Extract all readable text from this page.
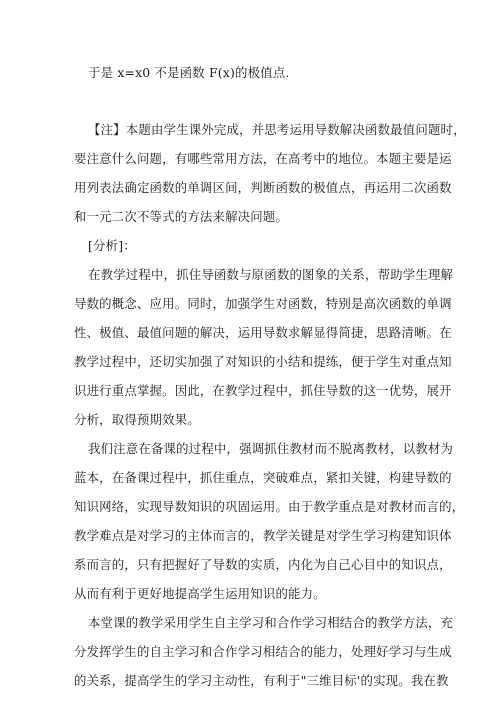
于是 x=x0 不是函数 F(x)的极值点.
【注】本题由学生课外完成，并思考运用导数解决函数最值问题时，
要注意什么问题，有哪些常用方法，在高考中的地位。本题主要是运
用列表法确定函数的单调区间，判断函数的极值点，再运用二次函数
和一元二次不等式的方法来解决问题。
[分析]：
在教学过程中，抓住导函数与原函数的图象的关系，帮助学生理解
导数的概念、应用。同时，加强学生对函数，特别是高次函数的单调
性、极值、最值问题的解决，运用导数求解显得简捷，思路清晰。在
教学过程中，还切实加强了对知识的小结和提练，便于学生对重点知
识进行重点掌握。因此，在教学过程中，抓住导数的这一优势，展开
分析，取得预期效果。
我们注意在备课的过程中，强调抓住教材而不脱离教材，以教材为
蓝本，在备课过程中，抓住重点，突破难点，紧扣关键，构建导数的
知识网络，实现导数知识的巩固运用。由于教学重点是对教材而言的，
教学难点是对学习的主体而言的，教学关键是对学生学习构建知识体
系而言的，只有把握好了导数的实质，内化为自己心目中的知识点，
从而有利于更好地提高学生运用知识的能力。
本堂课的教学采用学生自主学习和合作学习相结合的教学方法，充
分发挥学生的自主学习和合作学习相结合的能力，处理好学习与生成
的关系，提高学生的学习主动性，有利于"三维目标'的实现。我在教
